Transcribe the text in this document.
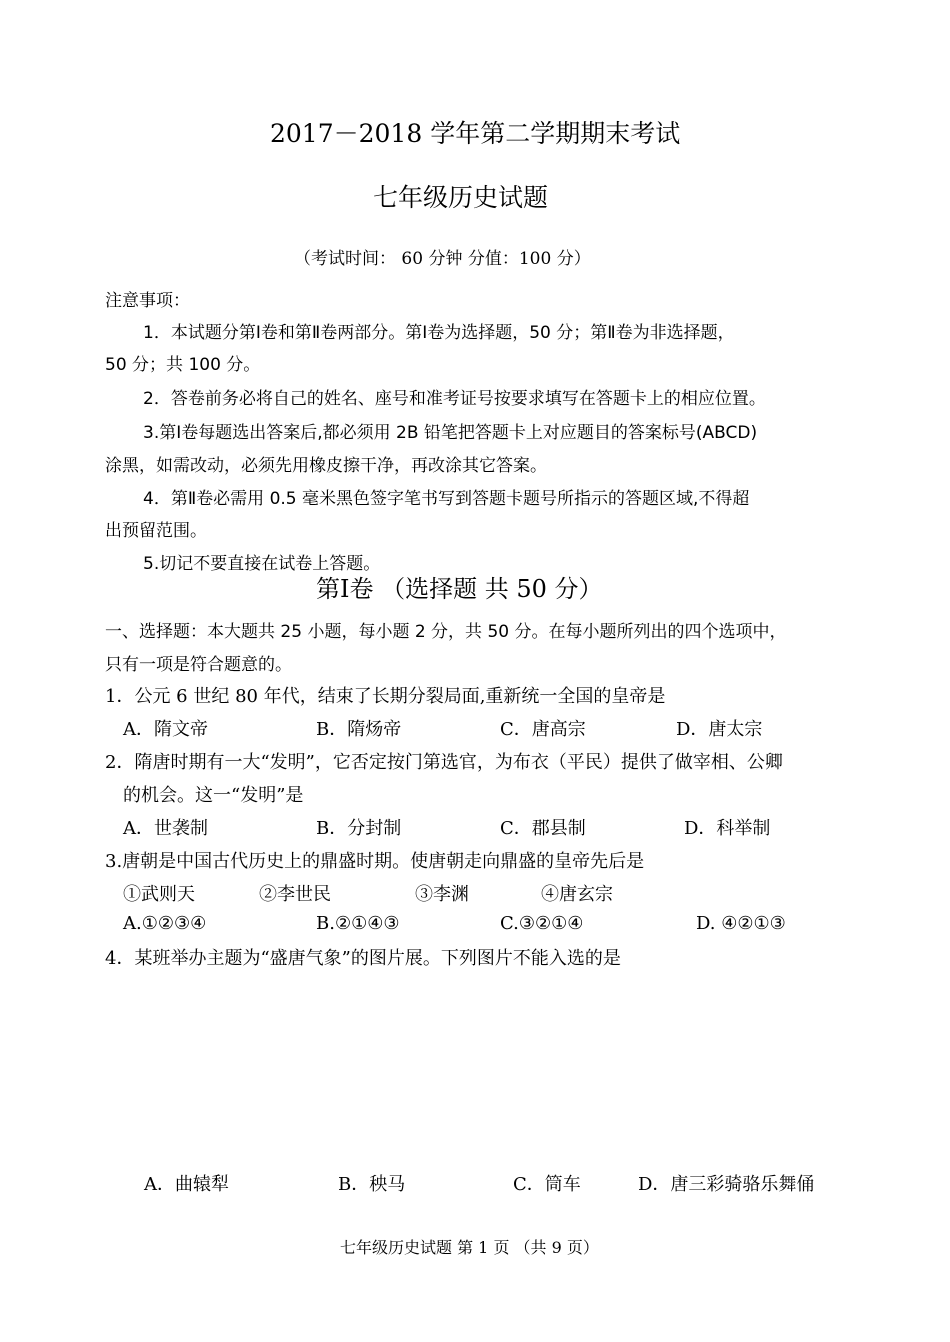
2017－2018 学年第二学期期末考试
七年级历史试题
（考试时间： 60 分钟 分值：100 分）
注意事项：
1．本试题分第Ⅰ卷和第Ⅱ卷两部分。第Ⅰ卷为选择题，50 分；第Ⅱ卷为非选择题，
50 分；共 100 分。
2．答卷前务必将自己的姓名、座号和准考证号按要求填写在答题卡上的相应位置。
3.第Ⅰ卷每题选出答案后,都必须用 2B 铅笔把答题卡上对应题目的答案标号(ABCD)
涂黑，如需改动，必须先用橡皮擦干净，再改涂其它答案。
4．第Ⅱ卷必需用 0.5 毫米黑色签字笔书写到答题卡题号所指示的答题区域,不得超
出预留范围。
5.切记不要直接在试卷上答题。
第Ⅰ卷 （选择题 共 50 分）
一、选择题：本大题共 25 小题，每小题 2 分，共 50 分。在每小题所列出的四个选项中，
只有一项是符合题意的。
1．公元 6 世纪 80 年代，结束了长期分裂局面,重新统一全国的皇帝是
A．隋文帝	B．隋炀帝	C．唐高宗	D．唐太宗
2．隋唐时期有一大“发明”，它否定按门第选官，为布衣（平民）提供了做宰相、公卿
的机会。这一“发明”是
A．世袭制	B．分封制	C．郡县制	D．科举制
3.唐朝是中国古代历史上的鼎盛时期。使唐朝走向鼎盛的皇帝先后是
①武则天	②李世民	③李渊	④唐玄宗
A.①②③④	B.②①④③	C.③②①④	D. ④②①③
4．某班举办主题为“盛唐气象”的图片展。下列图片不能入选的是
A．曲辕犁	B．秧马	C．筒车	D．唐三彩骑骆乐舞俑
七年级历史试题 第 1 页 （共 9 页）
